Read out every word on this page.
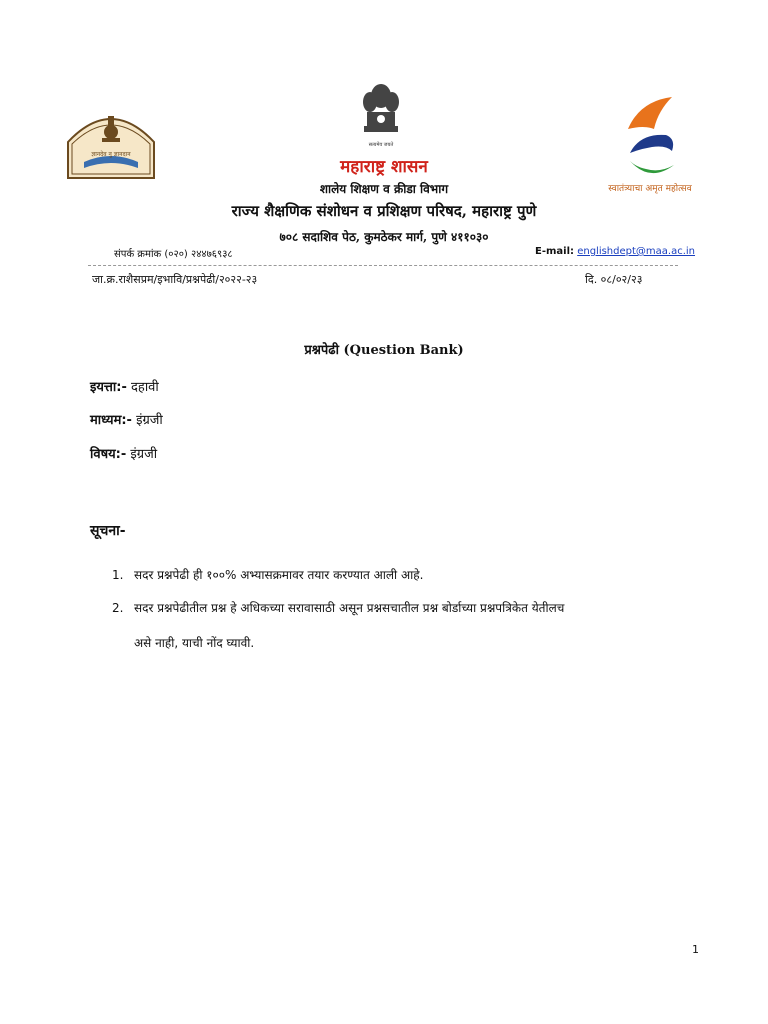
ज्ञानदेव नु ज्ञानदान
सत्यमेव जयते
स्वातंत्र्याचा अमृत महोत्सव
महाराष्ट्र शासन
शालेय शिक्षण व क्रीडा विभाग
राज्य शैक्षणिक संशोधन व प्रशिक्षण परिषद, महाराष्ट्र पुणे
७०८ सदाशिव पेठ, कुमठेकर मार्ग, पुणे ४११०३०
संपर्क क्रमांक (०२०) २४४७६९३८	E-mail: englishdept@maa.ac.in
जा.क्र.राशैसप्रम/इभावि/प्रश्नपेढी/२०२२-२३	दि. ०८/०२/२३
प्रश्नपेढी (Question Bank)
इयत्ता:- दहावी
माध्यम:- इंग्रजी
विषय:- इंग्रजी
सूचना-
1. सदर प्रश्नपेढी ही १००% अभ्यासक्रमावर तयार करण्यात आली आहे.
2. सदर प्रश्नपेढीतील प्रश्न हे अधिकच्या सरावासाठी असून प्रश्नसचातील प्रश्न बोर्डाच्या प्रश्नपत्रिकेत येतीलच
असे नाही, याची नोंद घ्यावी.
1
